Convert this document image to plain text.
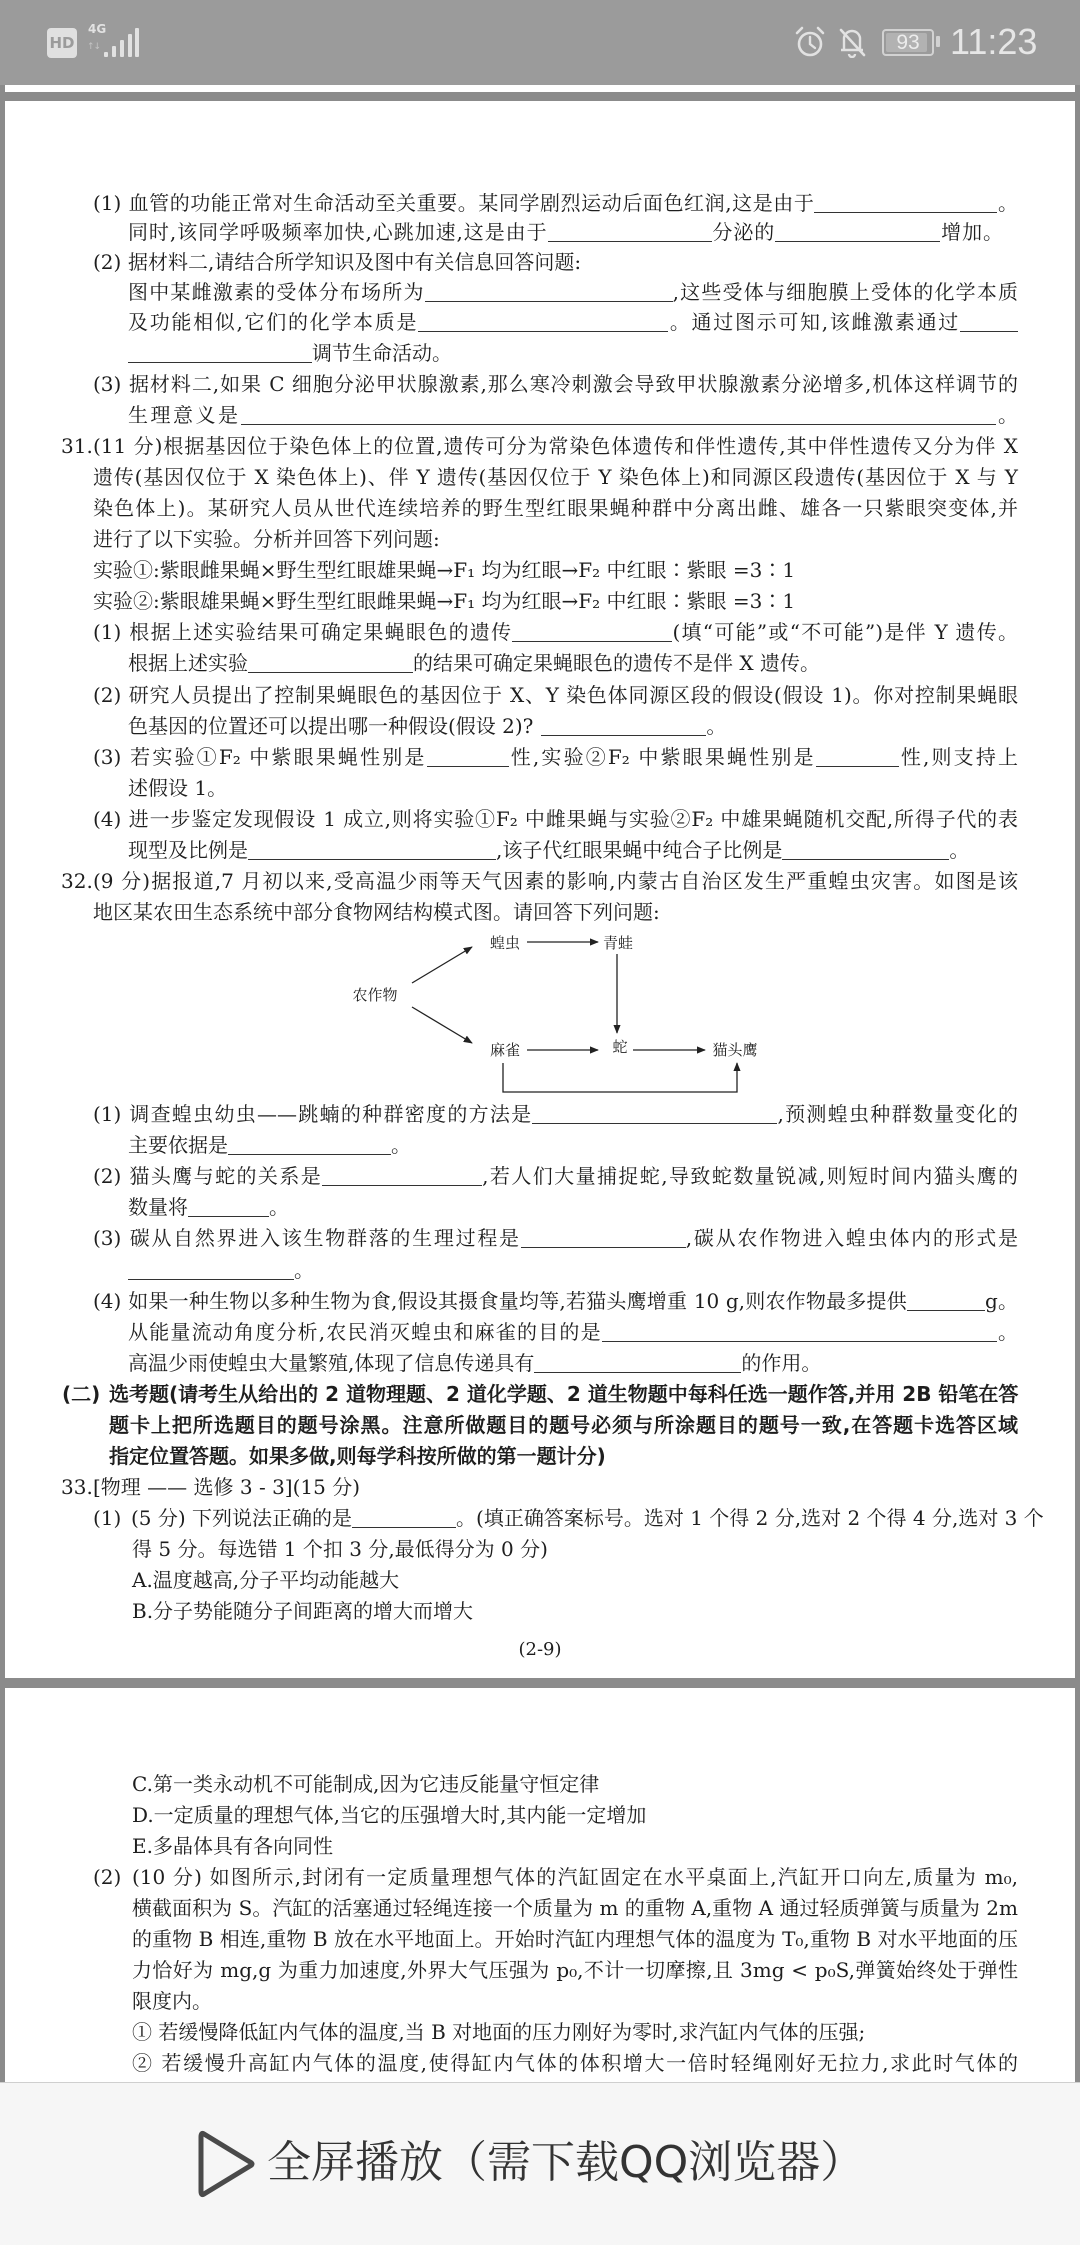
HD
4G
↑↓	93 11:23
(1) 血管的功能正常对生命活动至关重要。某同学剧烈运动后面色红润,这是由于	。
同时,该同学呼吸频率加快,心跳加速,这是由于	分泌的	增加。
(2) 据材料二,请结合所学知识及图中有关信息回答问题:
图中某雌激素的受体分布场所为	,这些受体与细胞膜上受体的化学本质
及功能相似,它们的化学本质是	。通过图示可知,该雌激素通过
调节生命活动。
(3) 据材料二,如果 C 细胞分泌甲状腺激素,那么寒冷刺激会导致甲状腺激素分泌增多,机体这样调节的
生理意义是	。
31.(11 分)根据基因位于染色体上的位置,遗传可分为常染色体遗传和伴性遗传,其中伴性遗传又分为伴 X
遗传(基因仅位于 X 染色体上)、伴 Y 遗传(基因仅位于 Y 染色体上)和同源区段遗传(基因位于 X 与 Y
染色体上)。某研究人员从世代连续培养的野生型红眼果蝇种群中分离出雌、雄各一只紫眼突变体,并
进行了以下实验。分析并回答下列问题:
实验①:紫眼雌果蝇×野生型红眼雄果蝇→F₁ 均为红眼→F₂ 中红眼∶紫眼 =3∶1
实验②:紫眼雄果蝇×野生型红眼雌果蝇→F₁ 均为红眼→F₂ 中红眼∶紫眼 =3∶1
(1) 根据上述实验结果可确定果蝇眼色的遗传	(填“可能”或“不可能”)是伴 Y 遗传。
根据上述实验	的结果可确定果蝇眼色的遗传不是伴 X 遗传。
(2) 研究人员提出了控制果蝇眼色的基因位于 X、Y 染色体同源区段的假设(假设 1)。你对控制果蝇眼
色基因的位置还可以提出哪一种假设(假设 2)?	。
(3) 若实验①F₂ 中紫眼果蝇性别是	性,实验②F₂ 中紫眼果蝇性别是	性,则支持上
述假设 1。
(4) 进一步鉴定发现假设 1 成立,则将实验①F₂ 中雌果蝇与实验②F₂ 中雄果蝇随机交配,所得子代的表
现型及比例是	,该子代红眼果蝇中纯合子比例是	。
32.(9 分)据报道,7 月初以来,受高温少雨等天气因素的影响,内蒙古自治区发生严重蝗虫灾害。如图是该
地区某农田生态系统中部分食物网结构模式图。请回答下列问题:
蝗虫	青蛙
农作物
麻雀	蛇	猫头鹰
(1) 调查蝗虫幼虫——跳蝻的种群密度的方法是	,预测蝗虫种群数量变化的
主要依据是	。
(2) 猫头鹰与蛇的关系是	,若人们大量捕捉蛇,导致蛇数量锐减,则短时间内猫头鹰的
数量将	。
(3) 碳从自然界进入该生物群落的生理过程是	,碳从农作物进入蝗虫体内的形式是
。
(4) 如果一种生物以多种生物为食,假设其摄食量均等,若猫头鹰增重 10 g,则农作物最多提供	g。
从能量流动角度分析,农民消灭蝗虫和麻雀的目的是	。
高温少雨使蝗虫大量繁殖,体现了信息传递具有	的作用。
(二) 选考题(请考生从给出的 2 道物理题、2 道化学题、2 道生物题中每科任选一题作答,并用 2B 铅笔在答
题卡上把所选题目的题号涂黑。注意所做题目的题号必须与所涂题目的题号一致,在答题卡选答区域
指定位置答题。如果多做,则每学科按所做的第一题计分)
33.[物理 —— 选修 3 - 3](15 分)
(1) (5 分) 下列说法正确的是	。(填正确答案标号。选对 1 个得 2 分,选对 2 个得 4 分,选对 3 个
得 5 分。每选错 1 个扣 3 分,最低得分为 0 分)
A.温度越高,分子平均动能越大
B.分子势能随分子间距离的增大而增大
(2-9)
C.第一类永动机不可能制成,因为它违反能量守恒定律
D.一定质量的理想气体,当它的压强增大时,其内能一定增加
E.多晶体具有各向同性
(2) (10 分) 如图所示,封闭有一定质量理想气体的汽缸固定在水平桌面上,汽缸开口向左,质量为 m₀,
横截面积为 S。汽缸的活塞通过轻绳连接一个质量为 m 的重物 A,重物 A 通过轻质弹簧与质量为 2m
的重物 B 相连,重物 B 放在水平地面上。开始时汽缸内理想气体的温度为 T₀,重物 B 对水平地面的压
力恰好为 mg,g 为重力加速度,外界大气压强为 p₀,不计一切摩擦,且 3mg < p₀S,弹簧始终处于弹性
限度内。
① 若缓慢降低缸内气体的温度,当 B 对地面的压力刚好为零时,求汽缸内气体的压强;
② 若缓慢升高缸内气体的温度,使得缸内气体的体积增大一倍时轻绳刚好无拉力,求此时气体的
全屏播放（需下载QQ浏览器）
